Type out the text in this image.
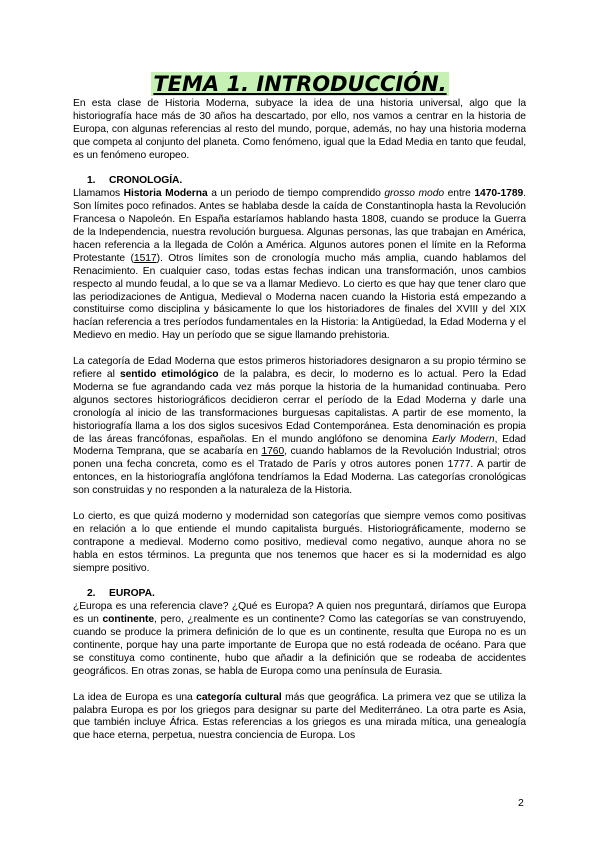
TEMA 1. INTRODUCCIÓN.

En esta clase de Historia Moderna, subyace la idea de una historia universal, algo que la historiografía hace más de 30 años ha descartado, por ello, nos vamos a centrar en la historia de Europa, con algunas referencias al resto del mundo, porque, además, no hay una historia moderna que competa al conjunto del planeta. Como fenómeno, igual que la Edad Media en tanto que feudal, es un fenómeno europeo.

1. CRONOLOGÍA.

Llamamos Historia Moderna a un periodo de tiempo comprendido grosso modo entre 1470-1789. Son límites poco refinados. Antes se hablaba desde la caída de Constantinopla hasta la Revolución Francesa o Napoleón. En España estaríamos hablando hasta 1808, cuando se produce la Guerra de la Independencia, nuestra revolución burguesa. Algunas personas, las que trabajan en América, hacen referencia a la llegada de Colón a América. Algunos autores ponen el límite en la Reforma Protestante (1517). Otros límites son de cronología mucho más amplia, cuando hablamos del Renacimiento. En cualquier caso, todas estas fechas indican una transformación, unos cambios respecto al mundo feudal, a lo que se va a llamar Medievo. Lo cierto es que hay que tener claro que las periodizaciones de Antigua, Medieval o Moderna nacen cuando la Historia está empezando a constituirse como disciplina y básicamente lo que los historiadores de finales del XVIII y del XIX hacían referencia a tres períodos fundamentales en la Historia: la Antigüedad, la Edad Moderna y el Medievo en medio. Hay un período que se sigue llamando prehistoria.

La categoría de Edad Moderna que estos primeros historiadores designaron a su propio término se refiere al sentido etimológico de la palabra, es decir, lo moderno es lo actual. Pero la Edad Moderna se fue agrandando cada vez más porque la historia de la humanidad continuaba. Pero algunos sectores historiográficos decidieron cerrar el período de la Edad Moderna y darle una cronología al inicio de las transformaciones burguesas capitalistas. A partir de ese momento, la historiografía llama a los dos siglos sucesivos Edad Contemporánea. Esta denominación es propia de las áreas francófonas, españolas. En el mundo anglófono se denomina Early Modern, Edad Moderna Temprana, que se acabaría en 1760, cuando hablamos de la Revolución Industrial; otros ponen una fecha concreta, como es el Tratado de París y otros autores ponen 1777. A partir de entonces, en la historiografía anglófona tendríamos la Edad Moderna. Las categorías cronológicas son construidas y no responden a la naturaleza de la Historia.

Lo cierto, es que quizá moderno y modernidad son categorías que siempre vemos como positivas en relación a lo que entiende el mundo capitalista burgués. Historiográficamente, moderno se contrapone a medieval. Moderno como positivo, medieval como negativo, aunque ahora no se habla en estos términos. La pregunta que nos tenemos que hacer es si la modernidad es algo siempre positivo.

2. EUROPA.

¿Europa es una referencia clave? ¿Qué es Europa? A quien nos preguntará, diríamos que Europa es un continente, pero, ¿realmente es un continente? Como las categorías se van construyendo, cuando se produce la primera definición de lo que es un continente, resulta que Europa no es un continente, porque hay una parte importante de Europa que no está rodeada de océano. Para que se constituya como continente, hubo que añadir a la definición que se rodeaba de accidentes geográficos. En otras zonas, se habla de Europa como una península de Eurasia.

La idea de Europa es una categoría cultural más que geográfica. La primera vez que se utiliza la palabra Europa es por los griegos para designar su parte del Mediterráneo. La otra parte es Asia, que también incluye África. Estas referencias a los griegos es una mirada mítica, una genealogía que hace eterna, perpetua, nuestra conciencia de Europa. Los

2
